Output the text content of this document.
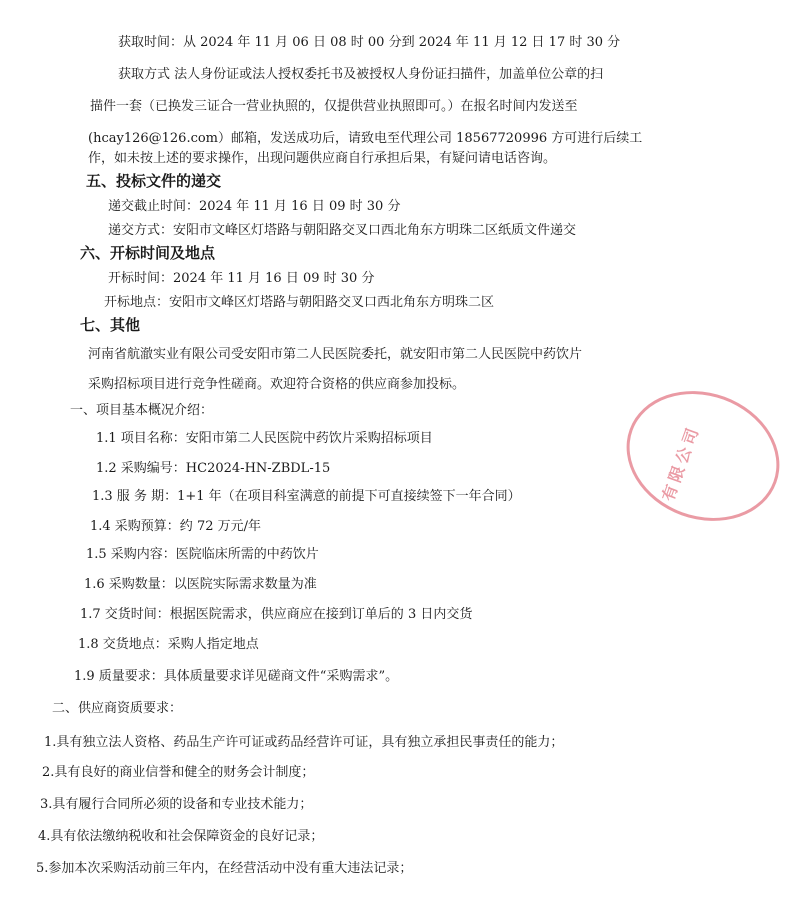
获取时间：从 2024 年 11 月 06 日 08 时 00 分到 2024 年 11 月 12 日 17 时 30 分
获取方式 法人身份证或法人授权委托书及被授权人身份证扫描件，加盖单位公章的扫
描件一套（已换发三证合一营业执照的，仅提供营业执照即可。）在报名时间内发送至
(hcay126@126.com）邮箱，发送成功后，请致电至代理公司 18567720996 方可进行后续工
作，如未按上述的要求操作，出现问题供应商自行承担后果，有疑问请电话咨询。
五、投标文件的递交
递交截止时间：2024 年 11 月 16 日 09 时 30 分
递交方式：安阳市文峰区灯塔路与朝阳路交叉口西北角东方明珠二区纸质文件递交
六、开标时间及地点
开标时间：2024 年 11 月 16 日 09 时 30 分
开标地点：安阳市文峰区灯塔路与朝阳路交叉口西北角东方明珠二区
七、其他
河南省航澈实业有限公司受安阳市第二人民医院委托，就安阳市第二人民医院中药饮片
采购招标项目进行竞争性磋商。欢迎符合资格的供应商参加投标。
一、项目基本概况介绍：
1.1 项目名称：安阳市第二人民医院中药饮片采购招标项目
1.2 采购编号：HC2024-HN-ZBDL-15
1.3 服 务 期：1+1 年（在项目科室满意的前提下可直接续签下一年合同）
1.4 采购预算：约 72 万元/年
1.5 采购内容：医院临床所需的中药饮片
1.6 采购数量：以医院实际需求数量为准
1.7 交货时间：根据医院需求，供应商应在接到订单后的 3 日内交货
1.8 交货地点：采购人指定地点
1.9 质量要求：具体质量要求详见磋商文件“采购需求”。
二、供应商资质要求：
1.具有独立法人资格、药品生产许可证或药品经营许可证，具有独立承担民事责任的能力；
2.具有良好的商业信誉和健全的财务会计制度；
3.具有履行合同所必须的设备和专业技术能力；
4.具有依法缴纳税收和社会保障资金的良好记录；
5.参加本次采购活动前三年内，在经营活动中没有重大违法记录；
有限公司
